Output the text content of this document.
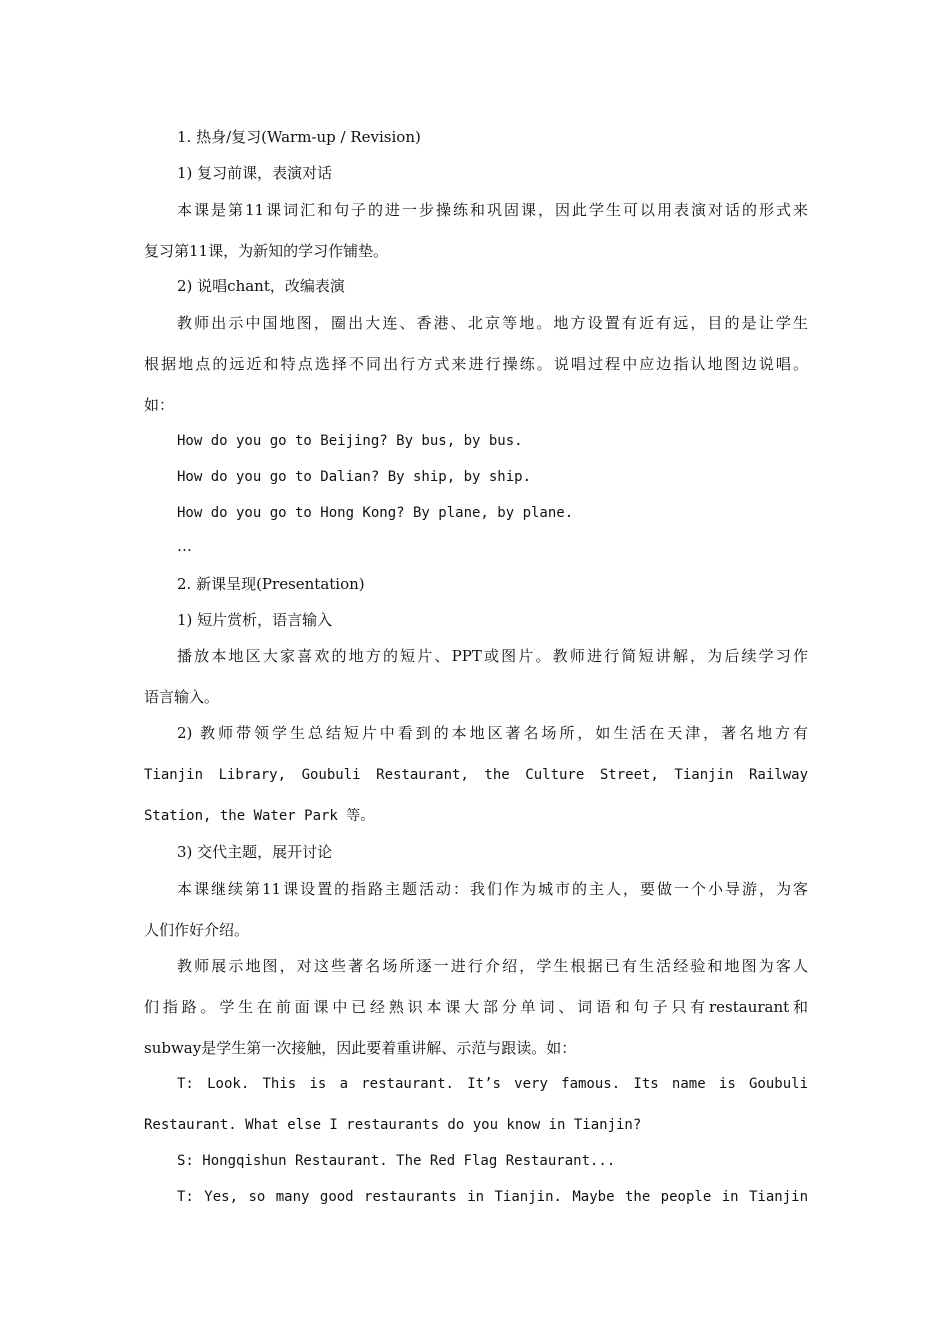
1. 热身/复习(Warm-up / Revision)
1) 复习前课，表演对话
本课是第11课词汇和句子的进一步操练和巩固课，因此学生可以用表演对话的形式来
复习第11课，为新知的学习作铺垫。
2) 说唱chant，改编表演
教师出示中国地图，圈出大连、香港、北京等地。地方设置有近有远，目的是让学生
根据地点的远近和特点选择不同出行方式来进行操练。说唱过程中应边指认地图边说唱。
如：
How do you go to Beijing? By bus, by bus.
How do you go to Dalian? By ship, by ship.
How do you go to Hong Kong? By plane, by plane.
…
2. 新课呈现(Presentation)
1) 短片赏析，语言输入
播放本地区大家喜欢的地方的短片、PPT或图片。教师进行简短讲解，为后续学习作
语言输入。
2) 教师带领学生总结短片中看到的本地区著名场所，如生活在天津，著名地方有
Tianjin Library, Goubuli Restaurant, the Culture Street, Tianjin Railway
Station, the Water Park 等。
3) 交代主题，展开讨论
本课继续第11课设置的指路主题活动：我们作为城市的主人，要做一个小导游，为客
人们作好介绍。
教师展示地图，对这些著名场所逐一进行介绍，学生根据已有生活经验和地图为客人
们指路。学生在前面课中已经熟识本课大部分单词、词语和句子只有restaurant和
subway是学生第一次接触，因此要着重讲解、示范与跟读。如：
T: Look. This is a restaurant. It’s very famous. Its name is Goubuli
Restaurant. What else I restaurants do you know in Tianjin?
S: Hongqishun Restaurant. The Red Flag Restaurant...
T: Yes, so many good restaurants in Tianjin. Maybe the people in Tianjin
